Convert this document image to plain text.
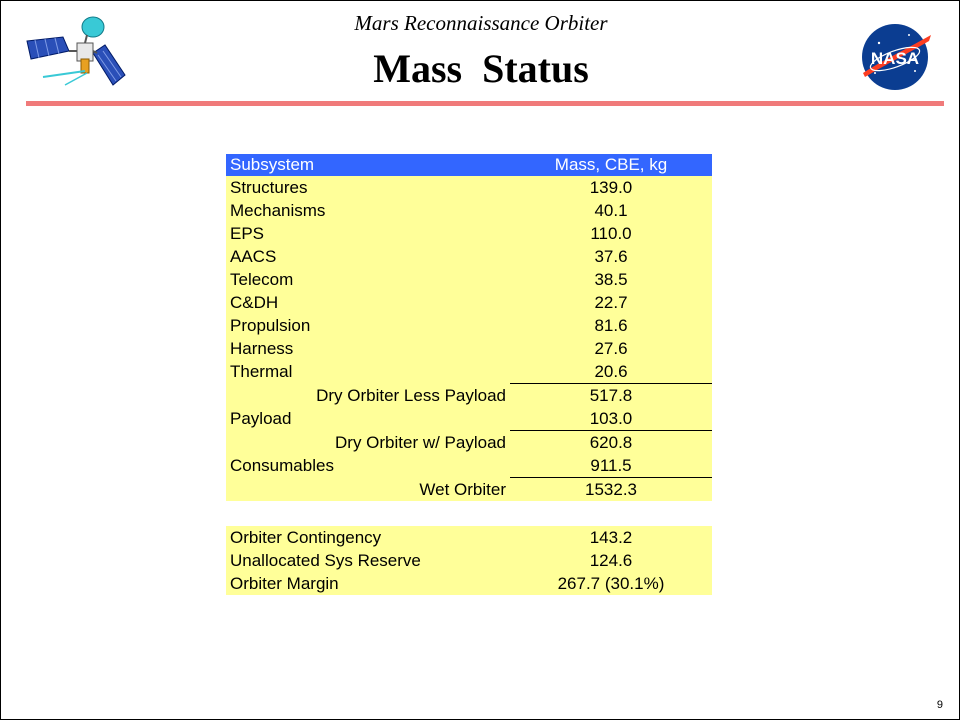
Mars Reconnaissance Orbiter
Mass  Status	NASA
Subsystem	Mass, CBE, kg
Structures	139.0
Mechanisms	40.1
EPS	110.0
AACS	37.6
Telecom	38.5
C&DH	22.7
Propulsion	81.6
Harness	27.6
Thermal	20.6
Dry Orbiter Less Payload	517.8
Payload	103.0
Dry Orbiter w/ Payload	620.8
Consumables	911.5
Wet Orbiter	1532.3
Orbiter Contingency	143.2
Unallocated Sys Reserve	124.6
Orbiter Margin	267.7 (30.1%)
9
